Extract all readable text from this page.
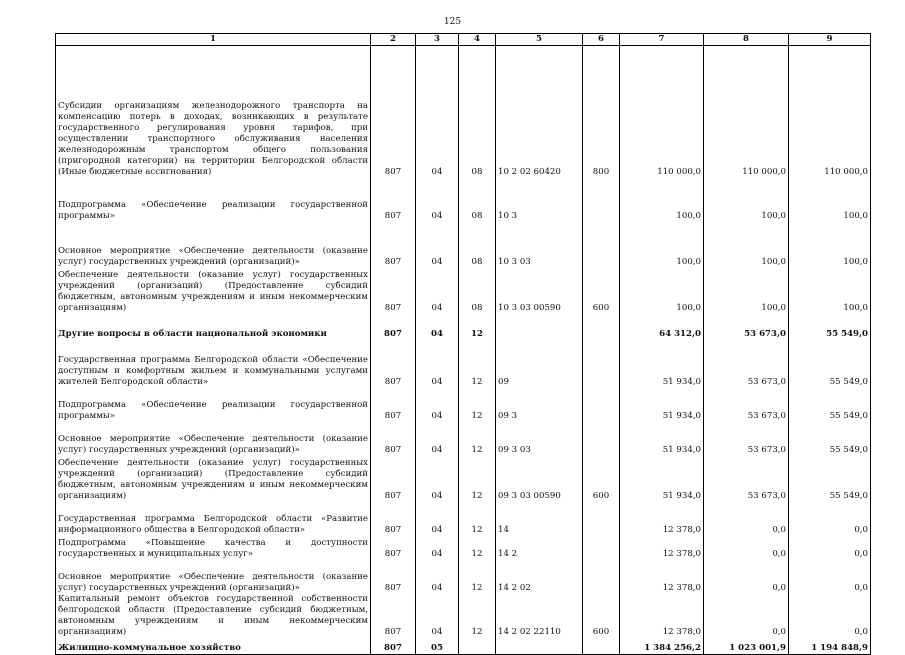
125
1	2	3	4	5	6	7	8	9
Субсидии организациям железнодорожного транспорта на компенсацию потерь в доходах, возникающих в результате государственного регулирования уровня тарифов, при осуществлении транспортного обслуживания населения железнодорожным транспортом общего пользования (пригородной категории) на территории Белгородской области (Иные бюджетные ассигнования)	807	04	08	10 2 02 60420	800	110 000,0	110 000,0	110 000,0
Подпрограмма «Обеспечение реализации государственной программы»	807	04	08	10 3		100,0	100,0	100,0
Основное мероприятие «Обеспечение деятельности (оказание услуг) государственных учреждений (организаций)»	807	04	08	10 3 03		100,0	100,0	100,0
Обеспечение деятельности (оказание услуг) государственных учреждений (организаций) (Предоставление субсидий бюджетным, автономным учреждениям и иным некоммерческим организациям)	807	04	08	10 3 03 00590	600	100,0	100,0	100,0
Другие вопросы в области национальной экономики	807	04	12			64 312,0	53 673,0	55 549,0
Государственная программа Белгородской области «Обеспечение доступным и комфортным жильем и коммунальными услугами жителей Белгородской области»	807	04	12	09		51 934,0	53 673,0	55 549,0
Подпрограмма «Обеспечение реализации государственной программы»	807	04	12	09 3		51 934,0	53 673,0	55 549,0
Основное мероприятие «Обеспечение деятельности (оказание услуг) государственных учреждений (организаций)»	807	04	12	09 3 03		51 934,0	53 673,0	55 549,0
Обеспечение деятельности (оказание услуг) государственных учреждений (организаций) (Предоставление субсидий бюджетным, автономным учреждениям и иным некоммерческим организациям)	807	04	12	09 3 03 00590	600	51 934,0	53 673,0	55 549,0
Государственная программа Белгородской области «Развитие информационного общества в Белгородской области»	807	04	12	14		12 378,0	0,0	0,0
Подпрограмма «Повышение качества и доступности государственных и муниципальных услуг»	807	04	12	14 2		12 378,0	0,0	0,0
Основное мероприятие «Обеспечение деятельности (оказание услуг) государственных учреждений (организаций)»	807	04	12	14 2 02		12 378,0	0,0	0,0
Капитальный ремонт объектов государственной собственности белгородской области (Предоставление субсидий бюджетным, автономным учреждениям и иным некоммерческим организациям)	807	04	12	14 2 02 22110	600	12 378,0	0,0	0,0
Жилищно-коммунальное хозяйство	807	05				1 384 256,2	1 023 001,9	1 194 848,9
